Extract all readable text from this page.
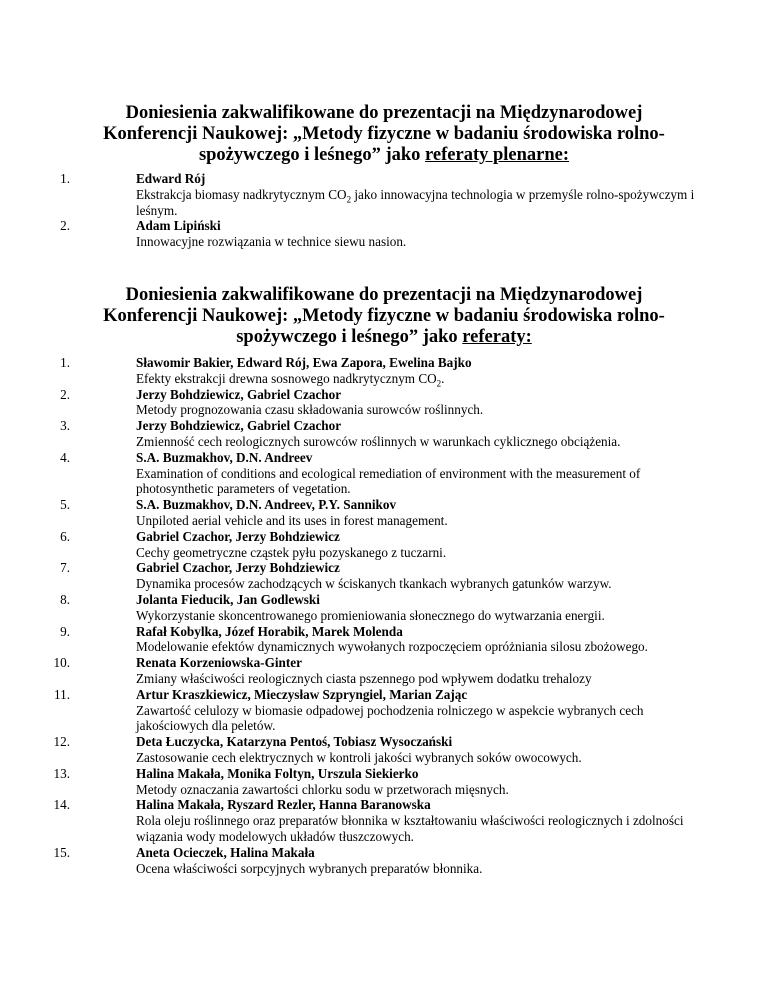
Doniesienia zakwalifikowane do prezentacji na Międzynarodowej Konferencji Naukowej: „Metody fizyczne w badaniu środowiska rolno-spożywczego i leśnego” jako referaty plenarne:
1.	Edward Rój
Ekstrakcja biomasy nadkrytycznym $CO_2$ jako innowacyjna technologia w przemyśle rolno-spożywczym i leśnym.
2.	Adam Lipiński
Innowacyjne rozwiązania w technice siewu nasion.
Doniesienia zakwalifikowane do prezentacji na Międzynarodowej Konferencji Naukowej: „Metody fizyczne w badaniu środowiska rolno-spożywczego i leśnego” jako referaty:
1.	Sławomir Bakier, Edward Rój, Ewa Zapora, Ewelina Bajko
Efekty ekstrakcji drewna sosnowego nadkrytycznym $CO_2$.
2.	Jerzy Bohdziewicz, Gabriel Czachor
Metody prognozowania czasu składowania surowców roślinnych.
3.	Jerzy Bohdziewicz, Gabriel Czachor
Zmienność cech reologicznych surowców roślinnych w warunkach cyklicznego obciążenia.
4.	S.A. Buzmakhov, D.N. Andreev
Examination of conditions and ecological remediation of environment with the measurement of photosynthetic parameters of vegetation.
5.	S.A. Buzmakhov, D.N. Andreev, P.Y. Sannikov
Unpiloted aerial vehicle and its uses in forest management.
6.	Gabriel Czachor, Jerzy Bohdziewicz
Cechy geometryczne cząstek pyłu pozyskanego z tuczarni.
7.	Gabriel Czachor, Jerzy Bohdziewicz
Dynamika procesów zachodzących w ściskanych tkankach wybranych gatunków warzyw.
8.	Jolanta Fieducik, Jan Godlewski
Wykorzystanie skoncentrowanego promieniowania słonecznego do wytwarzania energii.
9.	Rafał Kobylka, Józef Horabik, Marek Molenda
Modelowanie efektów dynamicznych wywołanych rozpoczęciem opróżniania silosu zbożowego.
10.	Renata Korzeniowska-Ginter
Zmiany właściwości reologicznych ciasta pszennego pod wpływem dodatku trehalozy
11.	Artur Kraszkiewicz, Mieczysław Szpryngiel, Marian Zając
Zawartość celulozy w biomasie odpadowej pochodzenia rolniczego w aspekcie wybranych cech jakościowych dla peletów.
12.	Deta Łuczycka, Katarzyna Pentoś, Tobiasz Wysoczański
Zastosowanie cech elektrycznych w kontroli jakości wybranych soków owocowych.
13.	Halina Makała, Monika Foltyn, Urszula Siekierko
Metody oznaczania zawartości chlorku sodu w przetworach mięsnych.
14.	Halina Makała, Ryszard Rezler, Hanna Baranowska
Rola oleju roślinnego oraz preparatów błonnika w kształtowaniu właściwości reologicznych i zdolności wiązania wody modelowych układów tłuszczowych.
15.	Aneta Ocieczek, Halina Makała
Ocena właściwości sorpcyjnych wybranych preparatów błonnika.
